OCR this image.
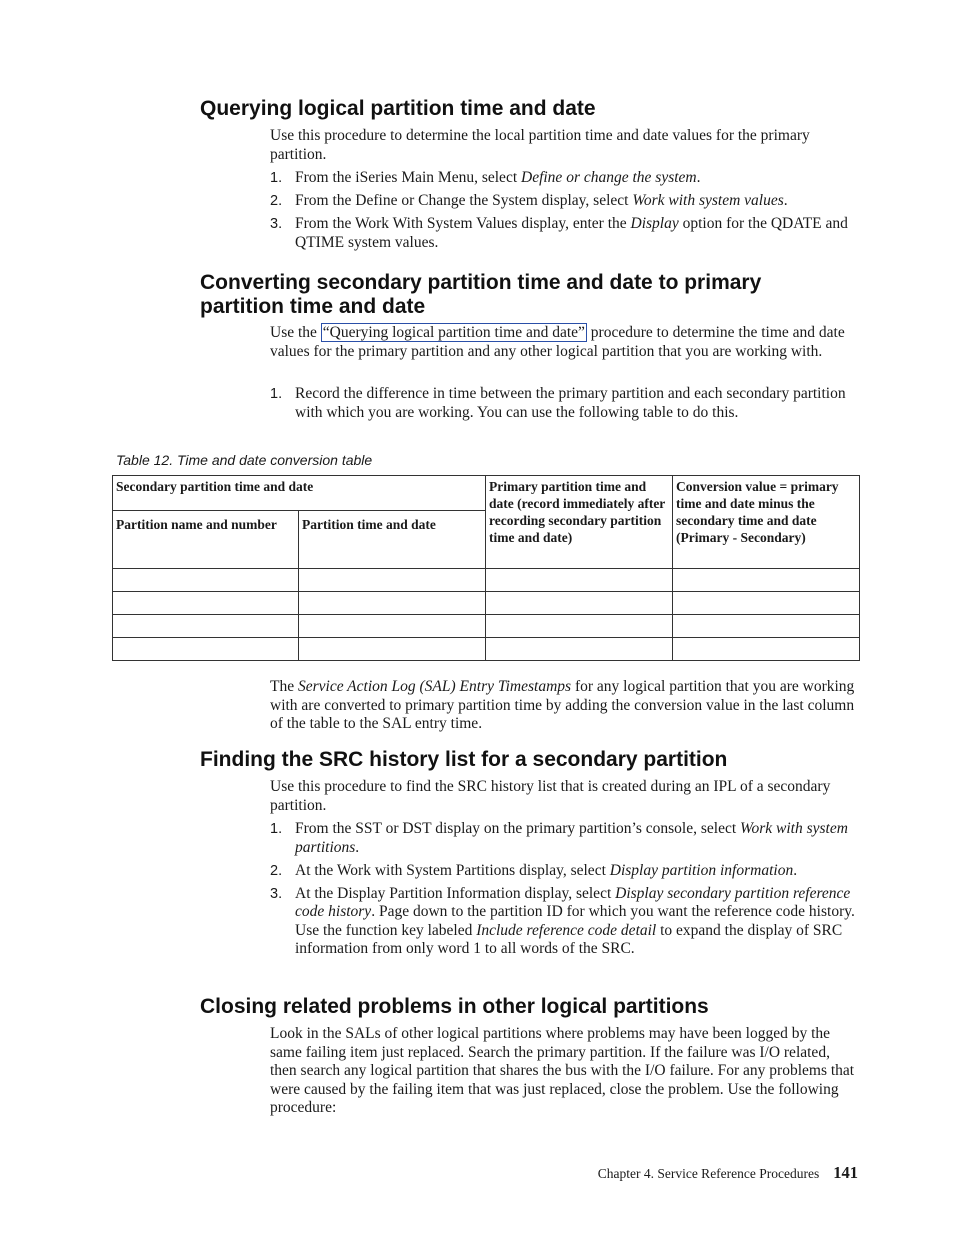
Querying logical partition time and date

Use this procedure to determine the local partition time and date values for the primary partition.

1. From the iSeries Main Menu, select Define or change the system.
2. From the Define or Change the System display, select Work with system values.
3. From the Work With System Values display, enter the Display option for the QDATE and QTIME system values.
Converting secondary partition time and date to primary partition time and date

Use the “Querying logical partition time and date” procedure to determine the time and date values for the primary partition and any other logical partition that you are working with.

1. Record the difference in time between the primary partition and each secondary partition with which you are working. You can use the following table to do this.

Table 12. Time and date conversion table

Secondary partition time and date		Primary partition time and date (record immediately after recording secondary partition time and date)	Conversion value = primary time and date minus the secondary time and date (Primary - Secondary)
Partition name and number	Partition time and date		

The Service Action Log (SAL) Entry Timestamps for any logical partition that you are working with are converted to primary partition time by adding the conversion value in the last column of the table to the SAL entry time.

Finding the SRC history list for a secondary partition

Use this procedure to find the SRC history list that is created during an IPL of a secondary partition.

1. From the SST or DST display on the primary partition’s console, select Work with system partitions.
2. At the Work with System Partitions display, select Display partition information.
3. At the Display Partition Information display, select Display secondary partition reference code history. Page down to the partition ID for which you want the reference code history. Use the function key labeled Include reference code detail to expand the display of SRC information from only word 1 to all words of the SRC.
Closing related problems in other logical partitions

Look in the SALs of other logical partitions where problems may have been logged by the same failing item just replaced. Search the primary partition. If the failure was I/O related, then search any logical partition that shares the bus with the I/O failure. For any problems that were caused by the failing item that was just replaced, close the problem. Use the following procedure:

Chapter 4. Service Reference Procedures 141
